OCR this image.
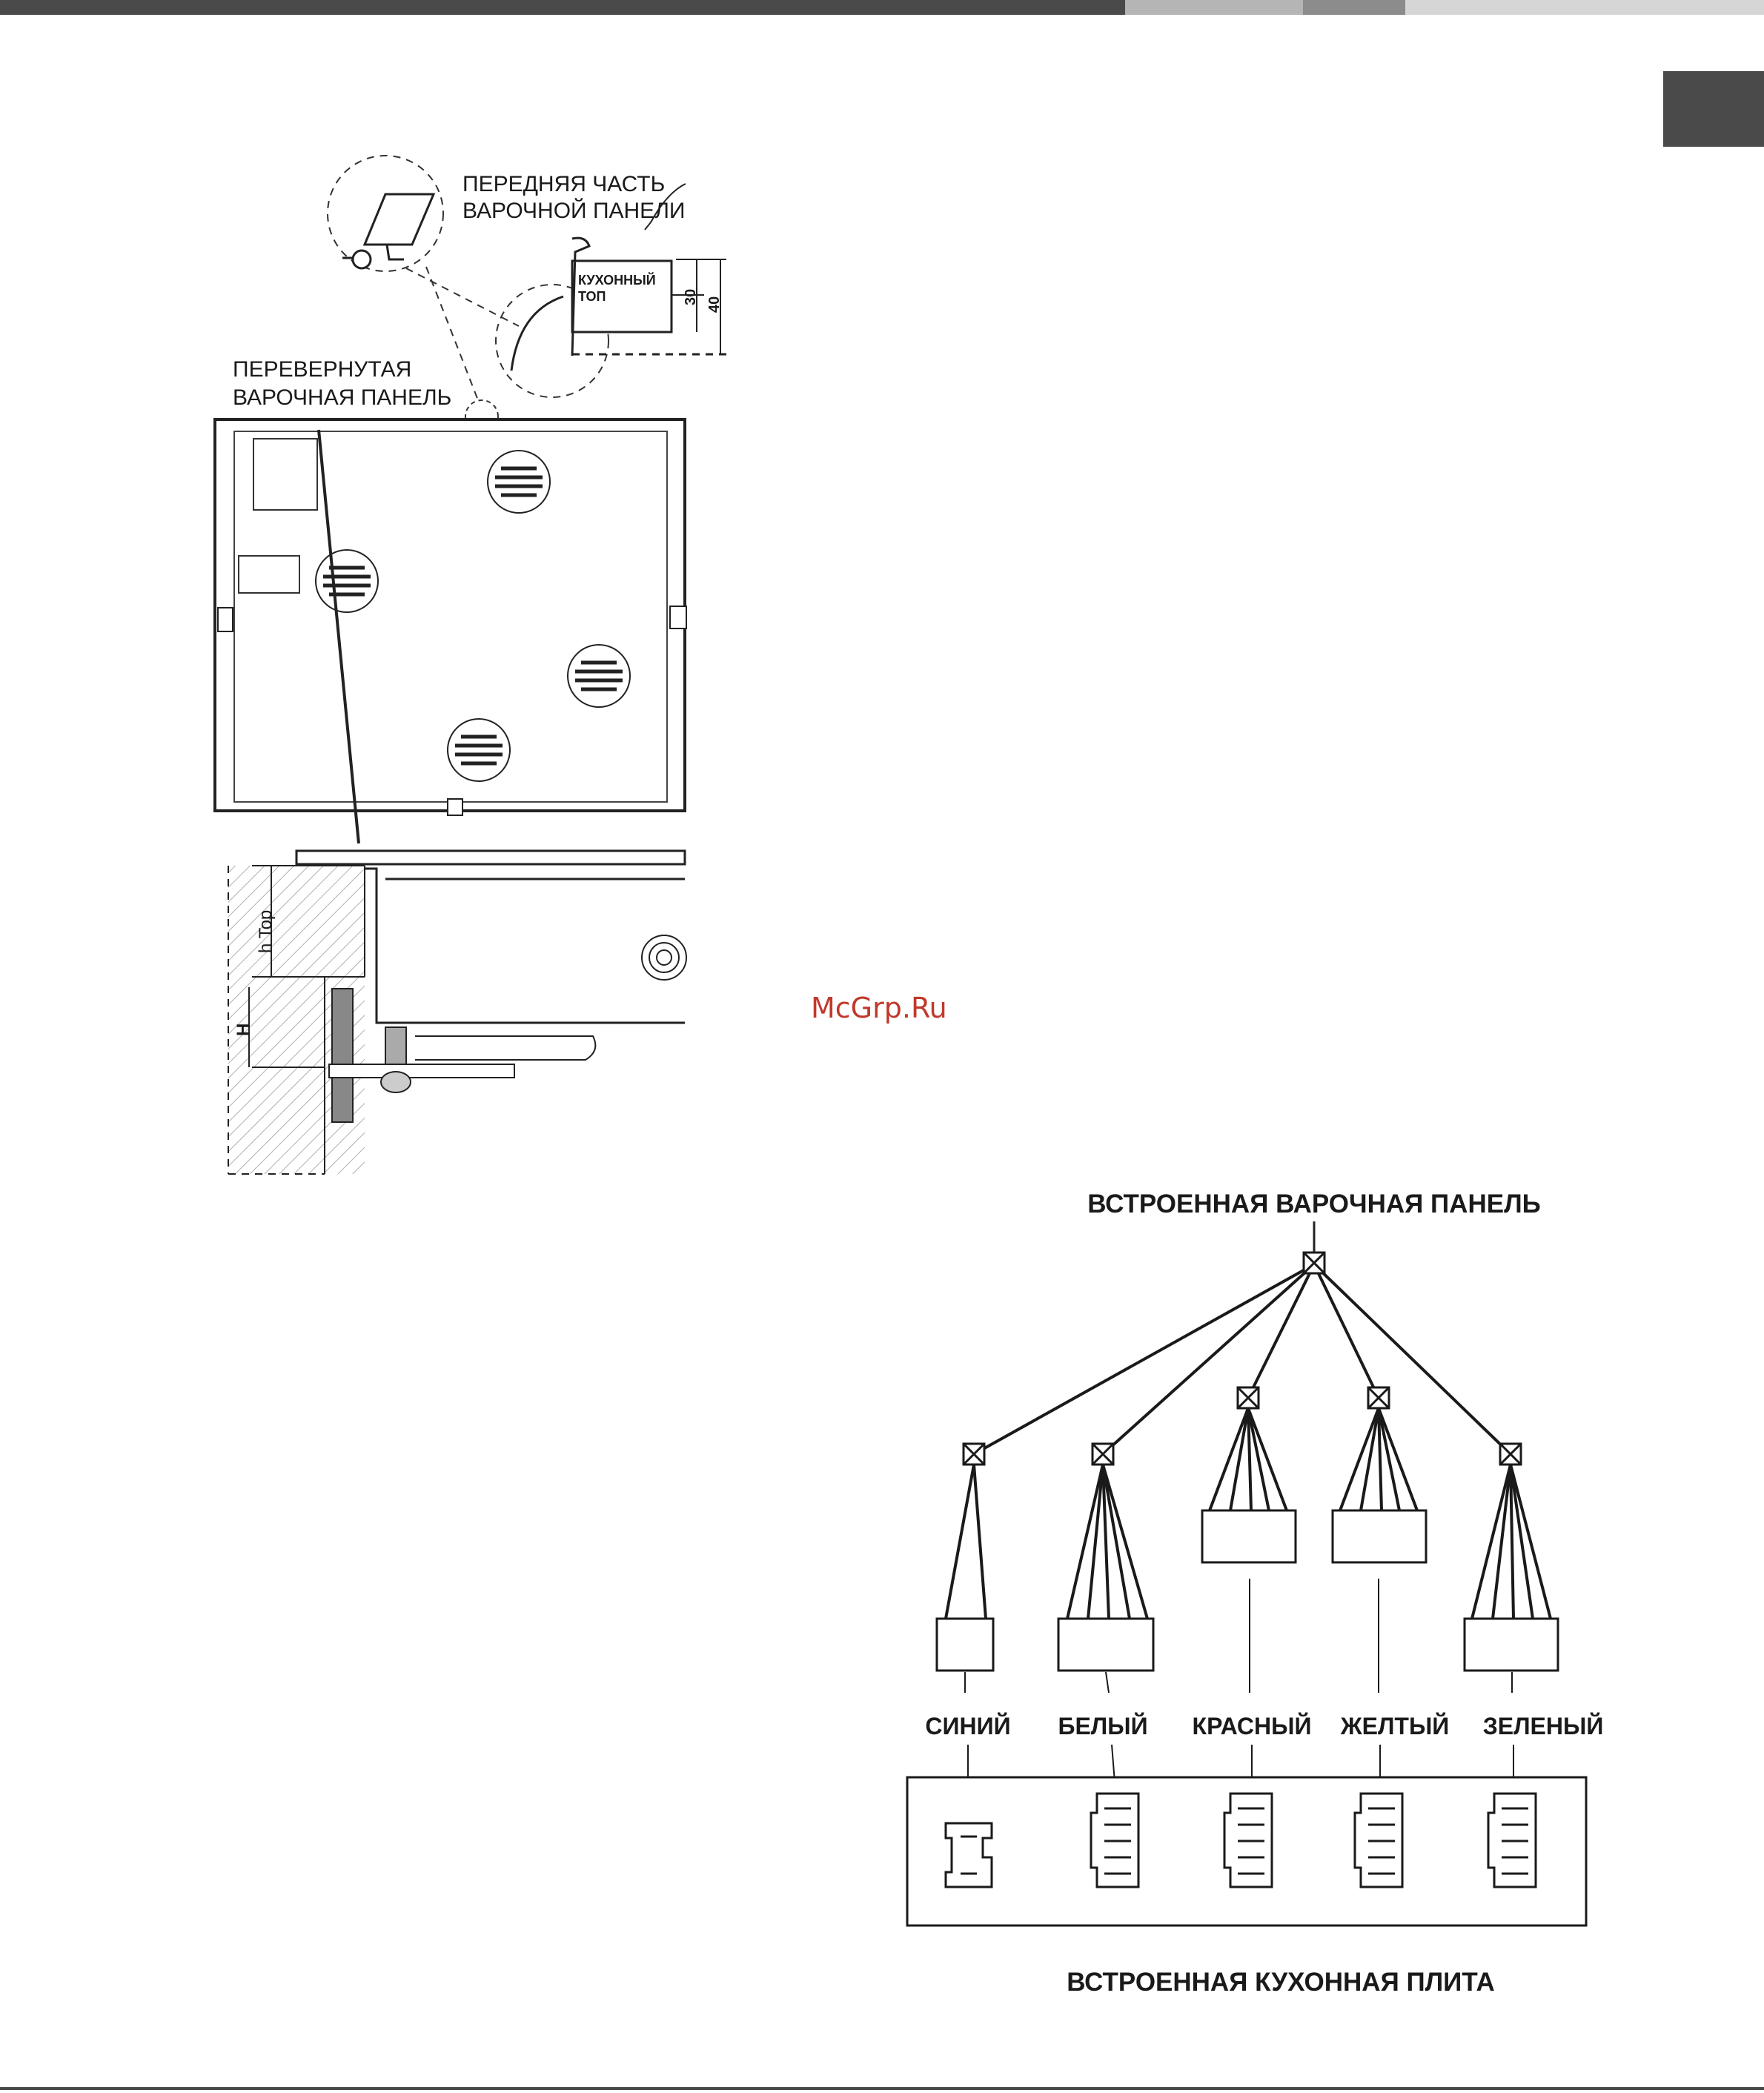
ПЕРЕДНЯЯ ЧАСТЬ
ВАРОЧНОЙ ПАНЕЛИ
КУХОННЫЙ
ТОП	30 40
ПЕРЕВЕРНУТАЯ
ВАРОЧНАЯ ПАНЕЛЬ
h Top
H
ВСТРОЕННАЯ ВАРОЧНАЯ ПАНЕЛЬ
СИНИЙ БЕЛЫЙ КРАСНЫЙ ЖЕЛТЫЙ ЗЕЛЕНЫЙ
ВСТРОЕННАЯ КУХОННАЯ ПЛИТА
McGrp.Ru
